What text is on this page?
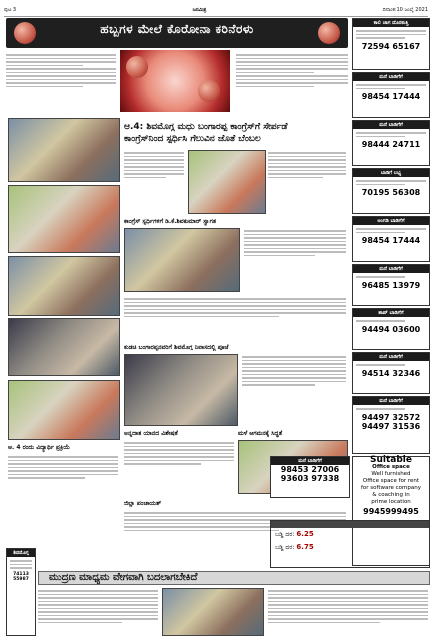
ಪುಟ 3	ಜನಮಿತ್ರ	ದಿನಾಂಕ:10 ಜುಲೈ 2021
ಹಬ್ಬಗಳ ಮೇಲೆ ಕೊರೋನಾ ಕರಿನೆರಳು
ಆ. 4 ರಂದು ವಿದ್ಯಾರ್ಥಿ ಪ್ರಕ್ರಿಯೆ
ಆ.4: ಶಿವಮೊಗ್ಗ ಮಧು ಬಂಗಾರಪ್ಪ ಕಾಂಗ್ರೆಸ್‌ಗೆ ಸೇರ್ಪಡೆ
ಕಾಂಗ್ರೆಸ್‌ನಿಂದ ಸ್ಪರ್ಧಿಸಿ ಗೆಲುವಿನ ಜೊತೆ ಬೆಂಬಲ
ಕಾಂಗ್ರೆಸ್‌ ಸ್ಪರ್ಧಿಗಳಿಗೆ ಡಿ.ಕೆ.ಶಿವಕುಮಾರ್ ಸ್ವಾಗತ
ಕುಡಚಿ ಬಂಗಾರಪ್ಪನವರಿಗೆ ಶಿವಮೊಗ್ಗ ನಿವಾಸದಲ್ಲಿ ಪೂಜೆ
ಅನ್ನದಾತ ಯಾನದ ವಿಶೇಷತೆ	ಮಳೆ ಆಗಮನಕ್ಕೆ ಸಿದ್ಧತೆ
ಜಿಲ್ಲಾ ಪಂಚಾಯತ್
ಕಾಲಿ ಜಾಗ ದೊರಕುತ್ತಿ
72594 65167
ಮನೆ ಬಾಡಿಗೆಗೆ
98454 17444
ಮನೆ ಬಾಡಿಗೆಗೆ
98444 24711
ಬಾಡಿಗೆ ಲಭ್ಯ
70195 56308
ಅಂಗಡಿ ಬಾಡಿಗೆಗೆ
98454 17444
ಮನೆ ಬಾಡಿಗೆಗೆ
96485 13979
ಶಾಪ್ ಬಾಡಿಗೆಗೆ
94494 03600
ಮನೆ ಬಾಡಿಗೆಗೆ
94514 32346
ಮನೆ ಬಾಡಿಗೆಗೆ
94497 32572
94497 31536
Suitable
Office space
Well furnished
Office space for rent
for software company
& coaching in
prime location
9945999495
ಮನೆ ಬಾಡಿಗೆಗೆ
98453 27006
93603 97338
ಬಡ್ಡಿ ದರ: 6.25
ಬಡ್ಡಿ ದರ: 6.75
ಮುದ್ರಣ ಮಾಧ್ಯಮ ವೇಗವಾಗಿ ಬದಲಾಗಬೇಕಿದೆ
ಶಿವಮೊಗ್ಗ
74113 55987
